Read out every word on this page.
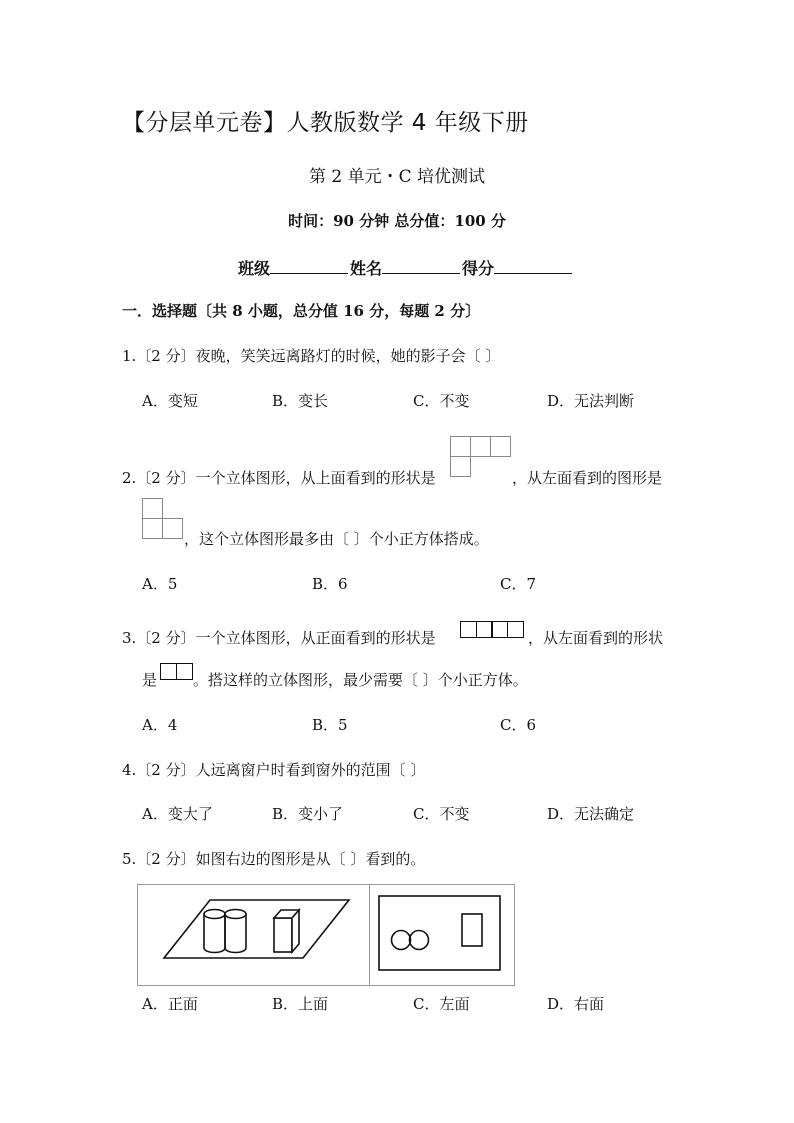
【分层单元卷】人教版数学 4 年级下册
第 2 单元・C 培优测试
时间：90 分钟 总分值：100 分
班级	姓名	得分
一．选择题〔共 8 小题，总分值 16 分，每题 2 分〕
1.〔2 分〕夜晚，笑笑远离路灯的时候，她的影子会〔 〕
A．变短	B．变长	C．不变	D．无法判断
2.〔2 分〕一个立体图形，从上面看到的形状是	，从左面看到的图形是
，这个立体图形最多由〔 〕个小正方体搭成。
A．5	B．6	C．7
3.〔2 分〕一个立体图形，从正面看到的形状是	，从左面看到的形状
是 。搭这样的立体图形，最少需要〔 〕个小正方体。
A．4	B．5	C．6
4.〔2 分〕人远离窗户时看到窗外的范围〔 〕
A．变大了	B．变小了	C．不变	D．无法确定
5.〔2 分〕如图右边的图形是从〔 〕看到的。
A．正面	B．上面	C．左面	D．右面
